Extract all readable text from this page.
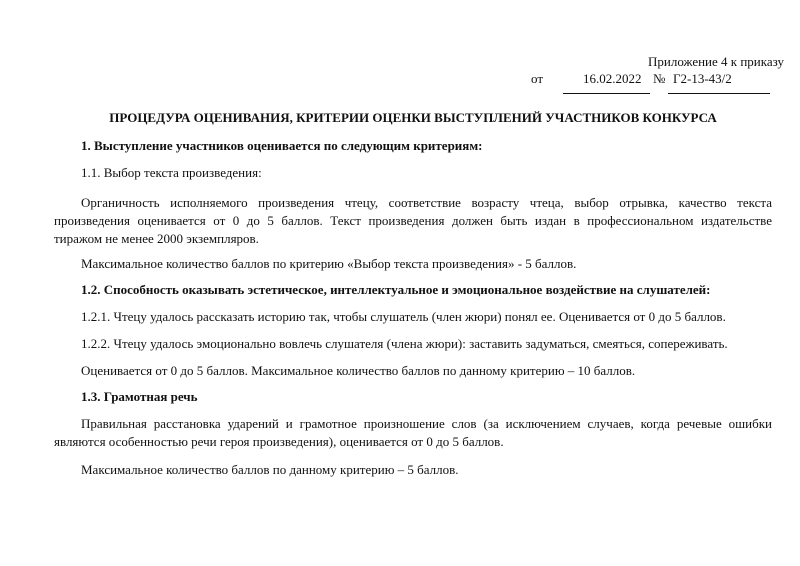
Приложение 4 к приказу
от	16.02.2022 № Г2-13-43/2
ПРОЦЕДУРА ОЦЕНИВАНИЯ, КРИТЕРИИ ОЦЕНКИ ВЫСТУПЛЕНИЙ УЧАСТНИКОВ КОНКУРСА
1. Выступление участников оценивается по следующим критериям:
1.1. Выбор текста произведения:
Органичность исполняемого произведения чтецу, соответствие возрасту чтеца, выбор отрывка, качество текста
произведения оценивается от 0 до 5 баллов. Текст произведения должен быть издан в профессиональном издательстве
тиражом не менее 2000 экземпляров.
Максимальное количество баллов по критерию «Выбор текста произведения» - 5 баллов.
1.2. Способность оказывать эстетическое, интеллектуальное и эмоциональное воздействие на слушателей:
1.2.1. Чтецу удалось рассказать историю так, чтобы слушатель (член жюри) понял ее. Оценивается от 0 до 5 баллов.
1.2.2. Чтецу удалось эмоционально вовлечь слушателя (члена жюри): заставить задуматься, смеяться, сопереживать.
Оценивается от 0 до 5 баллов. Максимальное количество баллов по данному критерию – 10 баллов.
1.3. Грамотная речь
Правильная расстановка ударений и грамотное произношение слов (за исключением случаев, когда речевые ошибки
являются особенностью речи героя произведения), оценивается от 0 до 5 баллов.
Максимальное количество баллов по данному критерию – 5 баллов.
